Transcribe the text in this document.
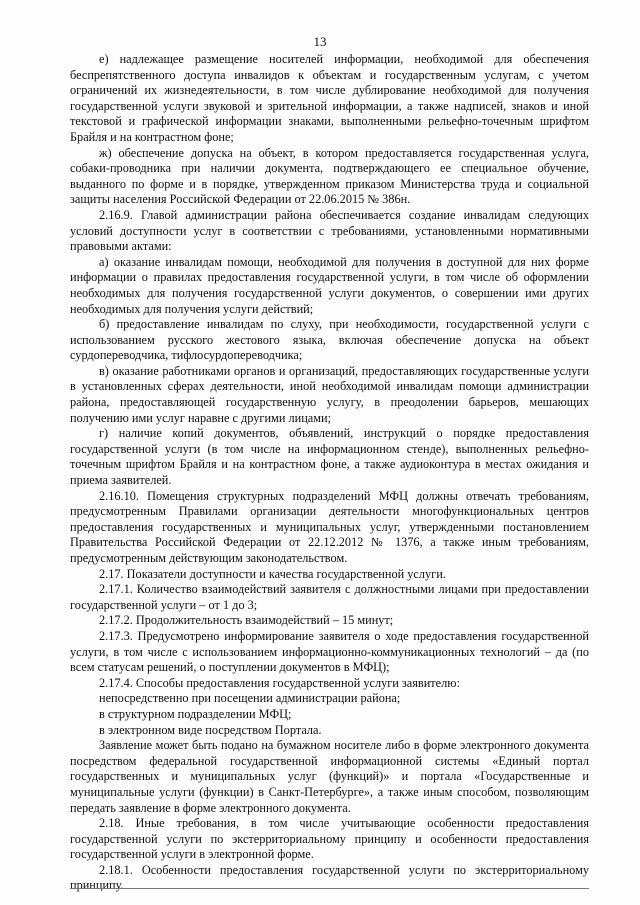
13

е) надлежащее размещение носителей информации, необходимой для обеспечения беспрепятственного доступа инвалидов к объектам и государственным услугам, с учетом ограничений их жизнедеятельности, в том числе дублирование необходимой для получения государственной услуги звуковой и зрительной информации, а также надписей, знаков и иной текстовой и графической информации знаками, выполненными рельефно-точечным шрифтом Брайля и на контрастном фоне;

ж) обеспечение допуска на объект, в котором предоставляется государственная услуга, собаки-проводника при наличии документа, подтверждающего ее специальное обучение, выданного по форме и в порядке, утвержденном приказом Министерства труда и социальной защиты населения Российской Федерации от 22.06.2015 № 386н.

2.16.9. Главой администрации района обеспечивается создание инвалидам следующих условий доступности услуг в соответствии с требованиями, установленными нормативными правовыми актами:

а) оказание инвалидам помощи, необходимой для получения в доступной для них форме информации о правилах предоставления государственной услуги, в том числе об оформлении необходимых для получения государственной услуги документов, о совершении ими других необходимых для получения услуги действий;

б) предоставление инвалидам по слуху, при необходимости, государственной услуги с использованием русского жестового языка, включая обеспечение допуска на объект сурдопереводчика, тифлосурдопереводчика;

в) оказание работниками органов и организаций, предоставляющих государственные услуги в установленных сферах деятельности, иной необходимой инвалидам помощи администрации района, предоставляющей государственную услугу, в преодолении барьеров, мешающих получению ими услуг наравне с другими лицами;

г) наличие копий документов, объявлений, инструкций о порядке предоставления государственной услуги (в том числе на информационном стенде), выполненных рельефно-точечным шрифтом Брайля и на контрастном фоне, а также аудиоконтура в местах ожидания и приема заявителей.

2.16.10. Помещения структурных подразделений МФЦ должны отвечать требованиям, предусмотренным Правилами организации деятельности многофункциональных центров предоставления государственных и муниципальных услуг, утвержденными постановлением Правительства Российской Федерации от 22.12.2012 № 1376, а также иным требованиям, предусмотренным действующим законодательством.

2.17. Показатели доступности и качества государственной услуги.

2.17.1. Количество взаимодействий заявителя с должностными лицами при предоставлении государственной услуги – от 1 до 3;

2.17.2. Продолжительность взаимодействий – 15 минут;

2.17.3. Предусмотрено информирование заявителя о ходе предоставления государственной услуги, в том числе с использованием информационно-коммуникационных технологий – да (по всем статусам решений, о поступлении документов в МФЦ);

2.17.4. Способы предоставления государственной услуги заявителю:

непосредственно при посещении администрации района;

в структурном подразделении МФЦ;

в электронном виде посредством Портала.

Заявление может быть подано на бумажном носителе либо в форме электронного документа посредством федеральной государственной информационной системы «Единый портал государственных и муниципальных услуг (функций)» и портала «Государственные и муниципальные услуги (функции) в Санкт-Петербурге», а также иным способом, позволяющим передать заявление в форме электронного документа.

2.18. Иные требования, в том числе учитывающие особенности предоставления государственной услуги по экстерриториальному принципу и особенности предоставления государственной услуги в электронной форме.

2.18.1. Особенности предоставления государственной услуги по экстерриториальному принципу.
